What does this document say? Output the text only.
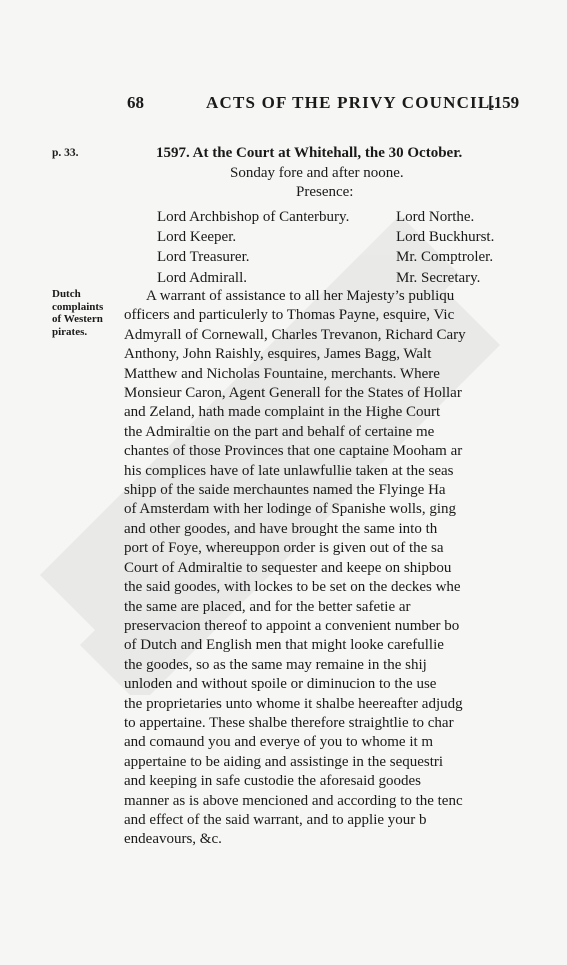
68	ACTS OF THE PRIVY COUNCIL.
[159
p. 33.	1597. At the Court at Whitehall, the 30 October.
Sonday fore and after noone.
Presence:
Lord Archbishop of Canterbury.
Lord Keeper.
Lord Treasurer.
Lord Admirall.
Lord Northe.
Lord Buckhurst.
Mr. Comptroler.
Mr. Secretary.
Dutch
complaints
of Western
pirates.
A warrant of assistance to all her Majesty’s publiqu
officers and particulerly to Thomas Payne, esquire, Vic
Admyrall of Cornewall, Charles Trevanon, Richard Cary
Anthony, John Raishly, esquires, James Bagg, Walt
Matthew and Nicholas Fountaine, merchants. Where
Monsieur Caron, Agent Generall for the States of Hollar
and Zeland, hath made complaint in the Highe Court
the Admiraltie on the part and behalf of certaine me
chantes of those Provinces that one captaine Mooham ar
his complices have of late unlawfullie taken at the seas
shipp of the saide merchauntes named the Flyinge Ha
of Amsterdam with her lodinge of Spanishe wolls, ging
and other goodes, and have brought the same into th
port of Foye, whereuppon order is given out of the sa
Court of Admiraltie to sequester and keepe on shipbou
the said goodes, with lockes to be set on the deckes whe
the same are placed, and for the better safetie ar
preservacion thereof to appoint a convenient number bo
of Dutch and English men that might looke carefullie
the goodes, so as the same may remaine in the shij
unloden and without spoile or diminucion to the use
the proprietaries unto whome it shalbe heereafter adjudg
to appertaine. These shalbe therefore straightlie to char
and comaund you and everye of you to whome it m
appertaine to be aiding and assistinge in the sequestri
and keeping in safe custodie the aforesaid goodes
manner as is above mencioned and according to the tenc
and effect of the said warrant, and to applie your b
endeavours, &c.
